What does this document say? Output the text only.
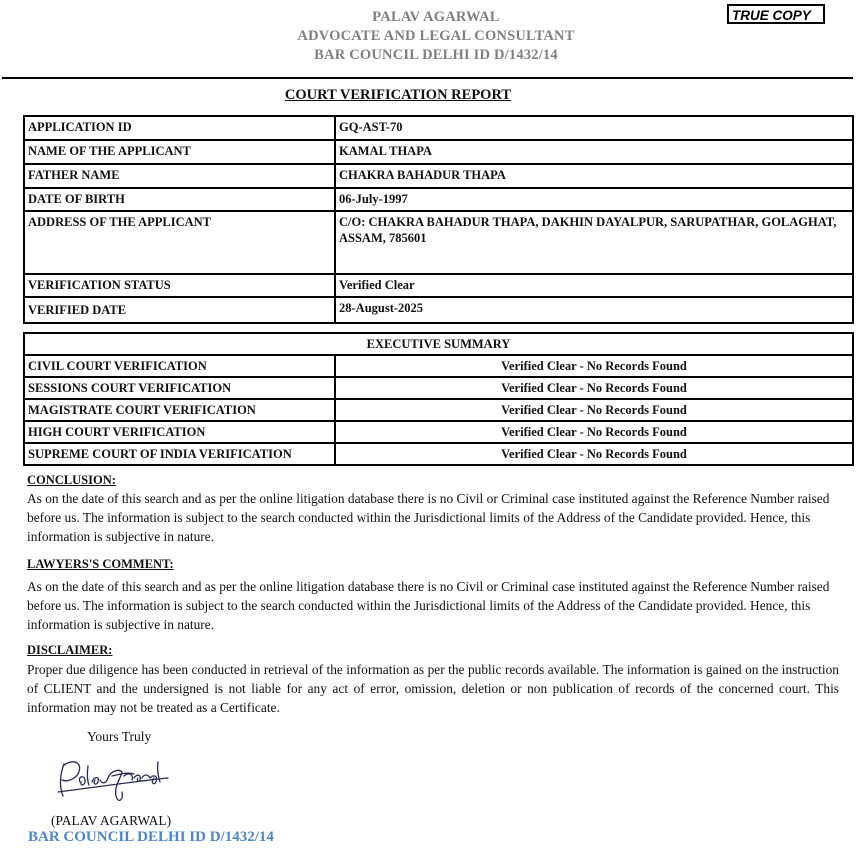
PALAV AGARWAL
ADVOCATE AND LEGAL CONSULTANT
BAR COUNCIL DELHI ID D/1432/14
TRUE COPY
COURT VERIFICATION REPORT
APPLICATION ID	GQ-AST-70
NAME OF THE APPLICANT	KAMAL THAPA
FATHER NAME	CHAKRA BAHADUR THAPA
DATE OF BIRTH	06-July-1997
ADDRESS OF THE APPLICANT	C/O: CHAKRA BAHADUR THAPA, DAKHIN DAYALPUR, SARUPATHAR, GOLAGHAT, ASSAM, 785601
VERIFICATION STATUS	Verified Clear
VERIFIED DATE	28-August-2025
EXECUTIVE SUMMARY	
CIVIL COURT VERIFICATION	Verified Clear - No Records Found
SESSIONS COURT VERIFICATION	Verified Clear - No Records Found
MAGISTRATE COURT VERIFICATION	Verified Clear - No Records Found
HIGH COURT VERIFICATION	Verified Clear - No Records Found
SUPREME COURT OF INDIA VERIFICATION	Verified Clear - No Records Found
CONCLUSION:
As on the date of this search and as per the online litigation database there is no Civil or Criminal case instituted against the Reference Number raised before us. The information is subject to the search conducted within the Jurisdictional limits of the Address of the Candidate provided. Hence, this information is subjective in nature.
LAWYERS'S COMMENT:
As on the date of this search and as per the online litigation database there is no Civil or Criminal case instituted against the Reference Number raised before us. The information is subject to the search conducted within the Jurisdictional limits of the Address of the Candidate provided. Hence, this information is subjective in nature.
DISCLAIMER:
Proper due diligence has been conducted in retrieval of the information as per the public records available. The information is gained on the instruction of CLIENT and the undersigned is not liable for any act of error, omission, deletion or non publication of records of the concerned court. This information may not be treated as a Certificate.
Yours Truly
(PALAV AGARWAL)
BAR COUNCIL DELHI ID D/1432/14
